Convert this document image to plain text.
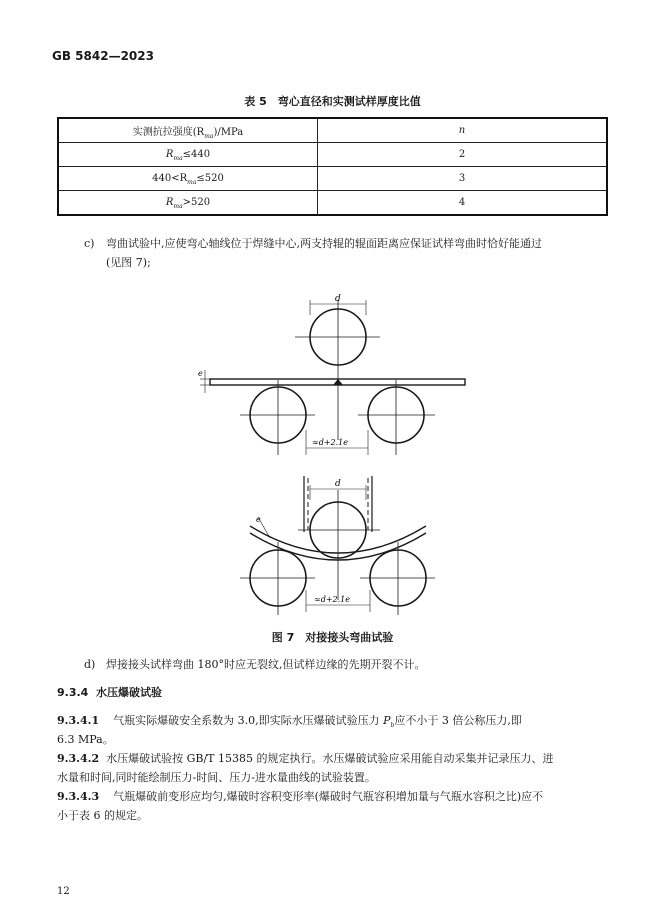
GB 5842—2023
表 5　弯心直径和实测试样厚度比值
实测抗拉强度$(R_{ma})$/MPa	n
$R_{ma}\le 440$	2
$440<R_{ma}\le 520$	3
$R_{ma}>520$	4
c) 弯曲试验中,应使弯心轴线位于焊缝中心,两支持辊的辊面距离应保证试样弯曲时恰好能通过
(见图 7);
d
e
≈d+2.1e
d
e
≈d+2.1e
图 7　对接接头弯曲试验
d) 焊接接头试样弯曲 180°时应无裂纹,但试样边缘的先期开裂不计。
9.3.4 水压爆破试验
9.3.4.1 气瓶实际爆破安全系数为 3.0,即实际水压爆破试验压力 $P_b$应不小于 3 倍公称压力,即
6.3 MPa。
9.3.4.2 水压爆破试验按 GB/T 15385 的规定执行。水压爆破试验应采用能自动采集并记录压力、进
水量和时间,同时能绘制压力-时间、压力-进水量曲线的试验装置。
9.3.4.3 气瓶爆破前变形应均匀,爆破时容积变形率(爆破时气瓶容积增加量与气瓶水容积之比)应不
小于表 6 的规定。
12
